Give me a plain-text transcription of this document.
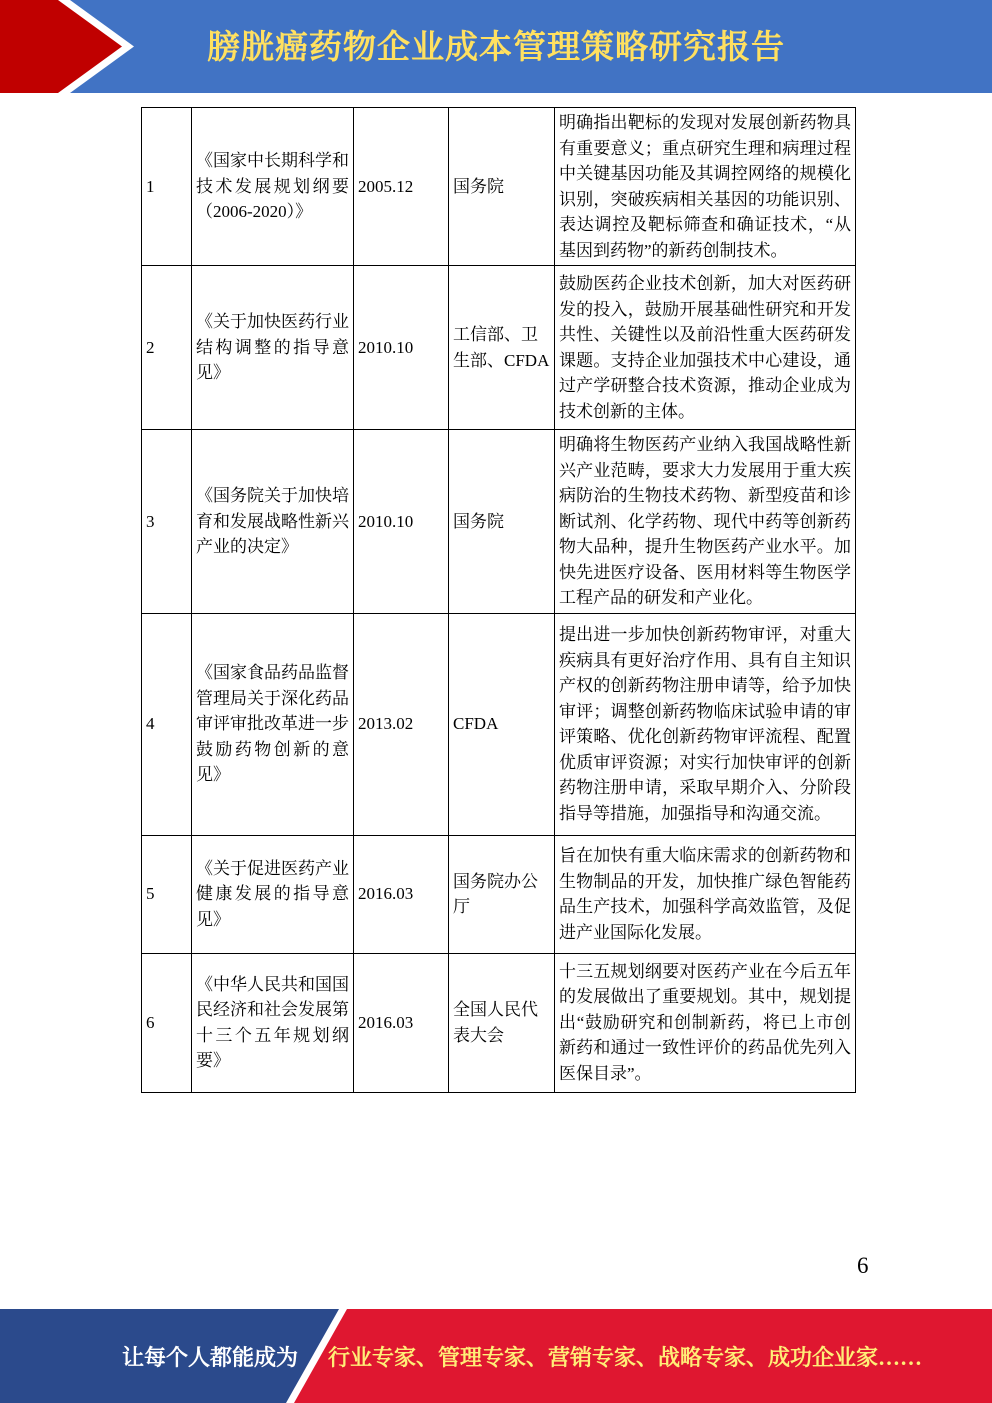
膀胱癌药物企业成本管理策略研究报告
1	《国家中长期科学和技术发展规划纲要（2006-2020）》	2005.12	国务院	明确指出靶标的发现对发展创新药物具有重要意义；重点研究生理和病理过程中关键基因功能及其调控网络的规模化识别，突破疾病相关基因的功能识别、表达调控及靶标筛查和确证技术，“从基因到药物”的新药创制技术。
2	《关于加快医药行业结构调整的指导意见》	2010.10	工信部、卫生部、CFDA	鼓励医药企业技术创新，加大对医药研发的投入，鼓励开展基础性研究和开发共性、关键性以及前沿性重大医药研发课题。支持企业加强技术中心建设，通过产学研整合技术资源，推动企业成为技术创新的主体。
3	《国务院关于加快培育和发展战略性新兴产业的决定》	2010.10	国务院	明确将生物医药产业纳入我国战略性新兴产业范畴，要求大力发展用于重大疾病防治的生物技术药物、新型疫苗和诊断试剂、化学药物、现代中药等创新药物大品种，提升生物医药产业水平。加快先进医疗设备、医用材料等生物医学工程产品的研发和产业化。
4	《国家食品药品监督管理局关于深化药品审评审批改革进一步鼓励药物创新的意见》	2013.02	CFDA	提出进一步加快创新药物审评，对重大疾病具有更好治疗作用、具有自主知识产权的创新药物注册申请等，给予加快审评；调整创新药物临床试验申请的审评策略、优化创新药物审评流程、配置优质审评资源；对实行加快审评的创新药物注册申请，采取早期介入、分阶段指导等措施，加强指导和沟通交流。
5	《关于促进医药产业健康发展的指导意见》	2016.03	国务院办公厅	旨在加快有重大临床需求的创新药物和生物制品的开发，加快推广绿色智能药品生产技术，加强科学高效监管，及促进产业国际化发展。
6	《中华人民共和国国民经济和社会发展第十三个五年规划纲要》	2016.03	全国人民代表大会	十三五规划纲要对医药产业在今后五年的发展做出了重要规划。其中，规划提出“鼓励研究和创制新药，将已上市创新药和通过一致性评价的药品优先列入医保目录”。
6
让每个人都能成为	行业专家、管理专家、营销专家、战略专家、成功企业家……
